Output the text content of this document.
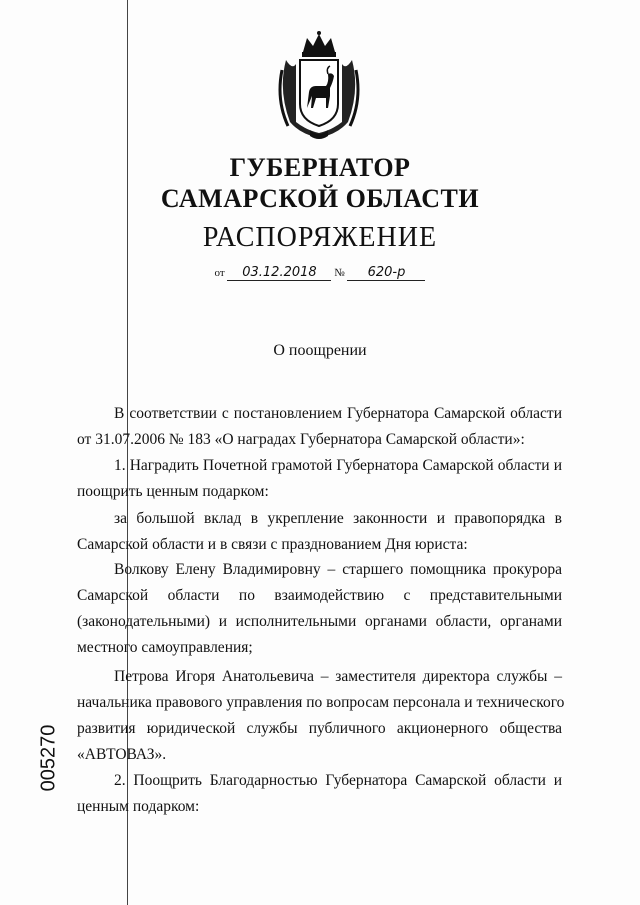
ГУБЕРНАТОР
САМАРСКОЙ ОБЛАСТИ
РАСПОРЯЖЕНИЕ
от 03.12.2018 № 620-р
О поощрении
В соответствии с постановлением Губернатора Самарской области
от 31.07.2006 № 183 «О наградах Губернатора Самарской области»:
1. Наградить Почетной грамотой Губернатора Самарской области и
поощрить ценным подарком:
за большой вклад в укрепление законности и правопорядка в
Самарской области и в связи с празднованием Дня юриста:
Волкову Елену Владимировну – старшего помощника прокурора
Самарской области по взаимодействию с представительными
(законодательными) и исполнительными органами области, органами
местного самоуправления;
Петрова Игоря Анатольевича – заместителя директора службы –
начальника правового управления по вопросам персонала и технического
развития юридической службы публичного акционерного общества
«АВТОВАЗ».
2. Поощрить Благодарностью Губернатора Самарской области и
ценным подарком:
005270
